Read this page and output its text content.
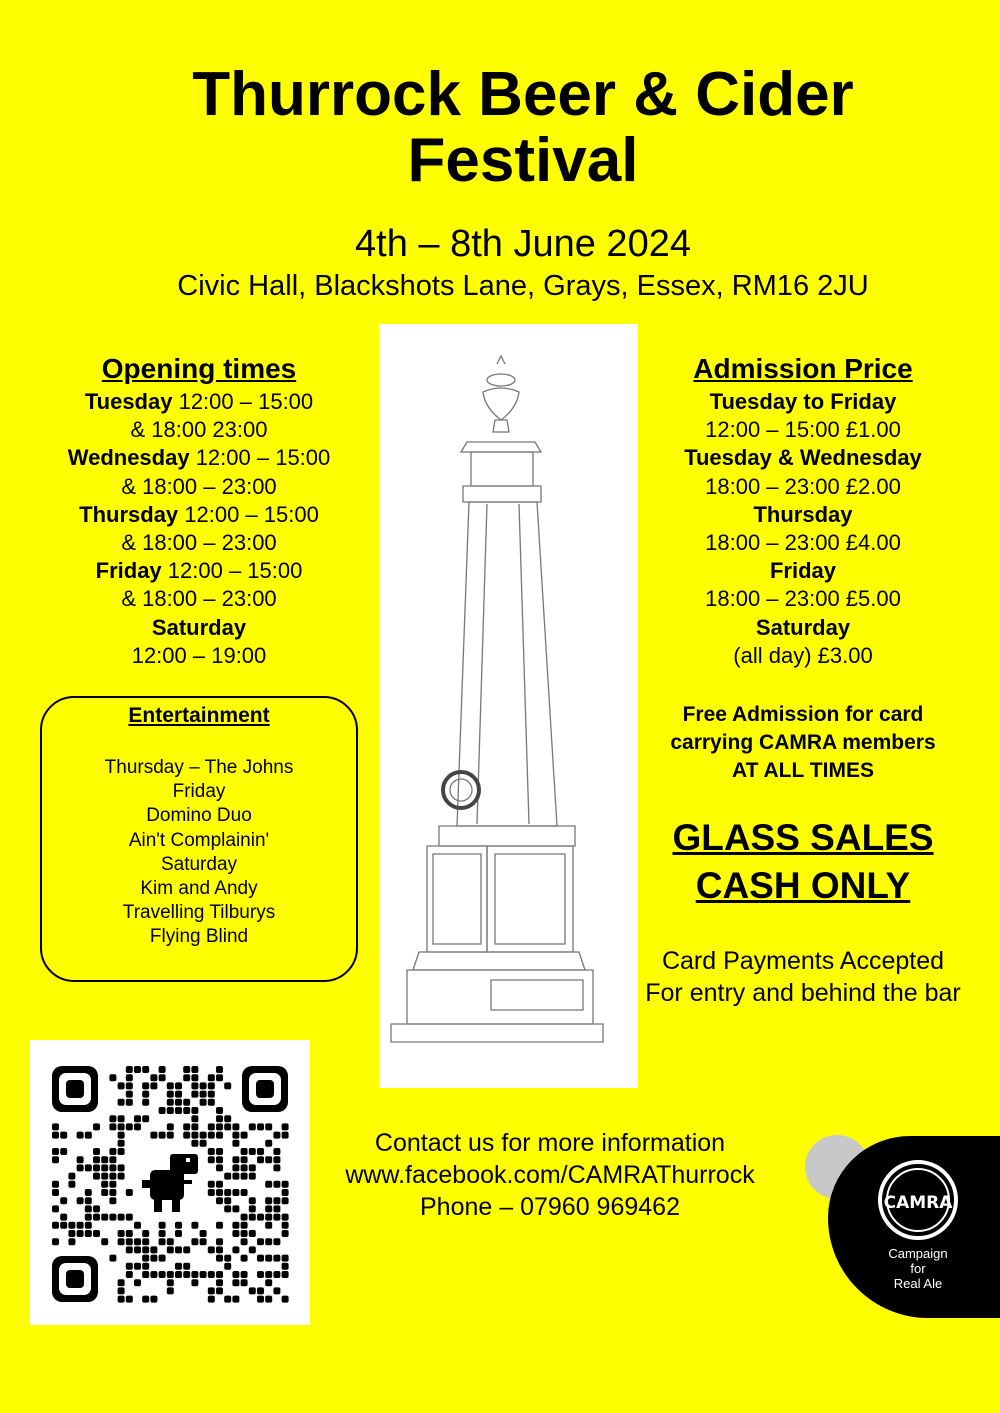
Thurrock Beer & Cider
Festival
4th – 8th June 2024
Civic Hall, Blackshots Lane, Grays, Essex, RM16 2JU
Opening times
Tuesday 12:00 – 15:00
& 18:00 23:00
Wednesday 12:00 – 15:00
& 18:00 – 23:00
Thursday 12:00 – 15:00
& 18:00 – 23:00
Friday 12:00 – 15:00
& 18:00 – 23:00
Saturday
12:00 – 19:00
Entertainment
Thursday – The Johns
Friday
Domino Duo
Ain't Complainin'
Saturday
Kim and Andy
Travelling Tilburys
Flying Blind
Admission Price
Tuesday to Friday
12:00 – 15:00 £1.00
Tuesday & Wednesday
18:00 – 23:00 £2.00
Thursday
18:00 – 23:00 £4.00
Friday
18:00 – 23:00 £5.00
Saturday
(all day) £3.00
Free Admission for card
carrying CAMRA members
AT ALL TIMES
GLASS SALES
CASH ONLY
Card Payments Accepted
For entry and behind the bar
Contact us for more information
www.facebook.com/CAMRAThurrock
Phone – 07960 969462	CAMRA
Campaign
for
Real Ale
